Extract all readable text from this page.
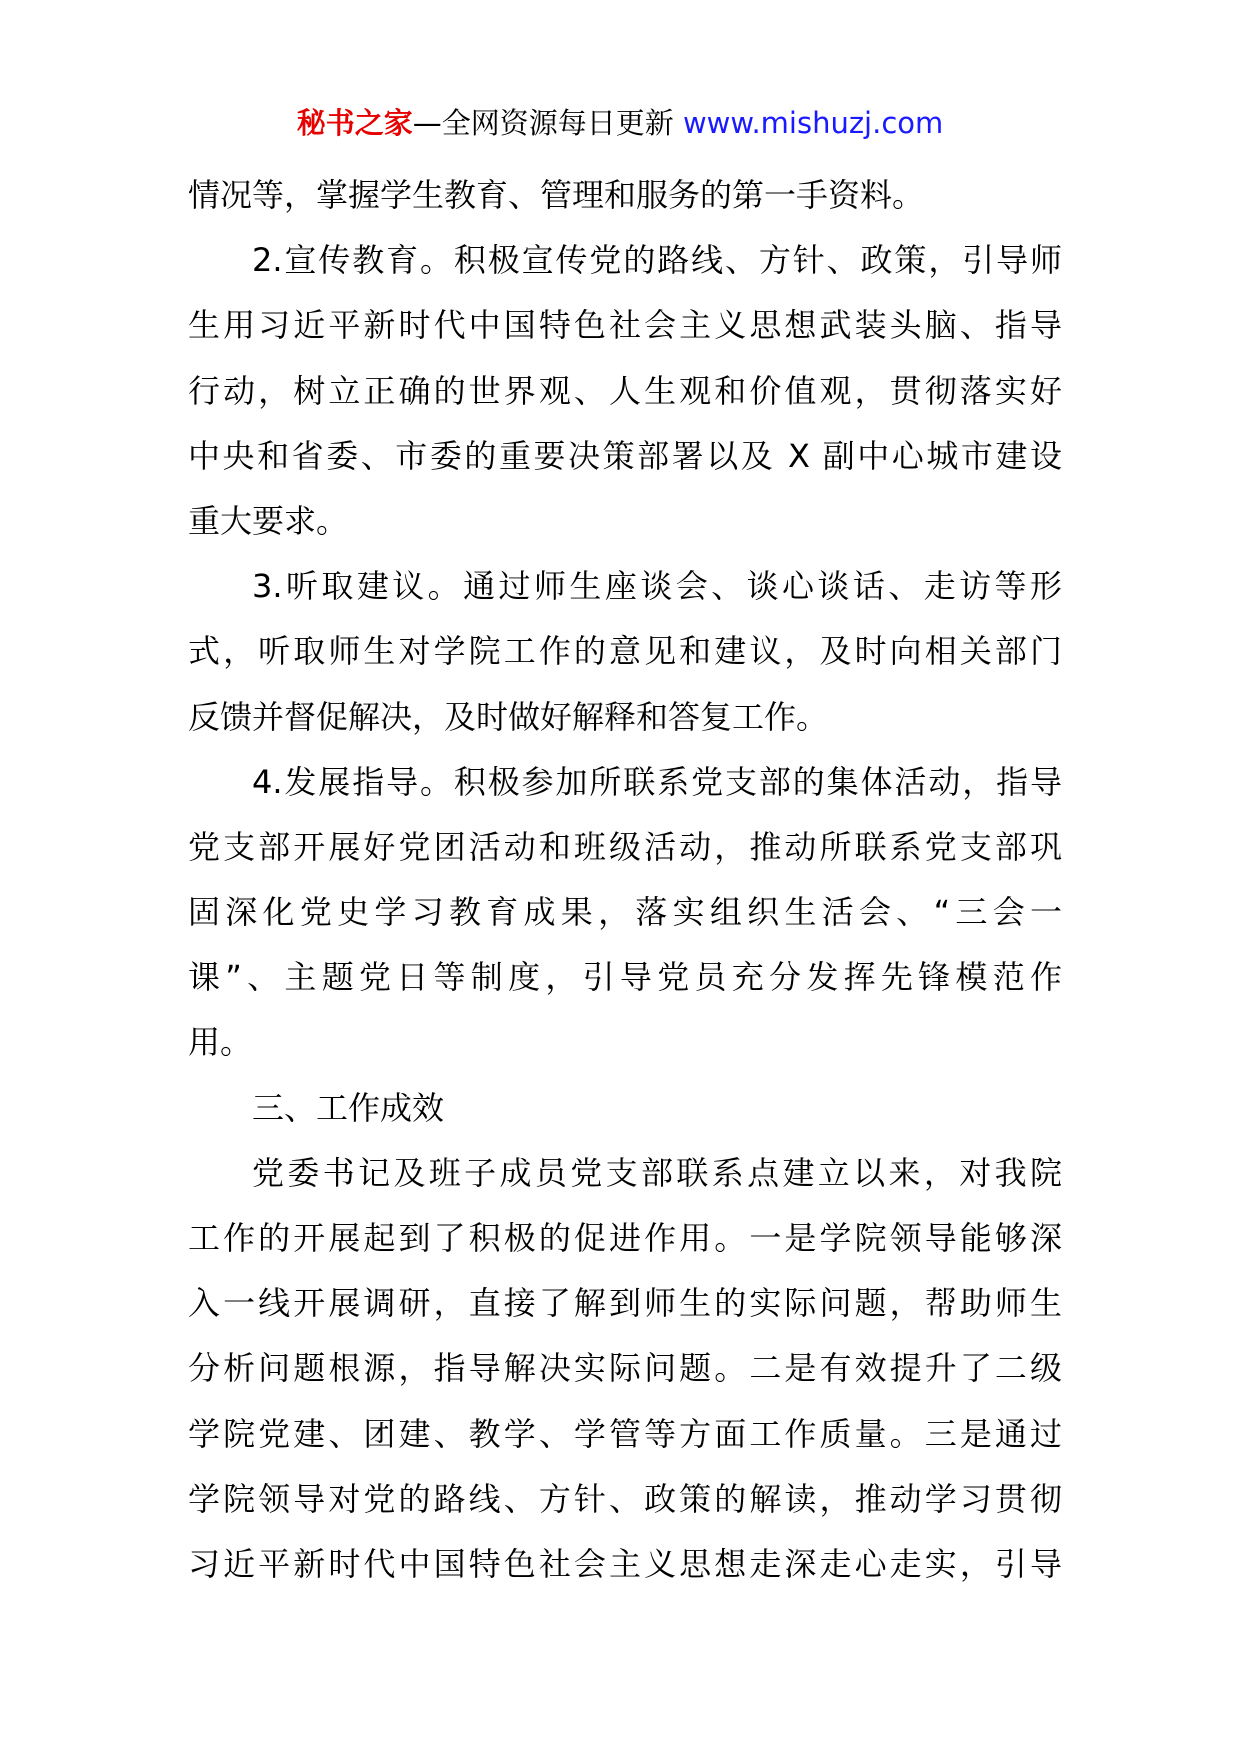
秘书之家—全网资源每日更新 www.mishuzj.com
情况等，掌握学生教育、管理和服务的第一手资料。
2.宣传教育。积极宣传党的路线、方针、政策，引导师
生用习近平新时代中国特色社会主义思想武装头脑、指导
行动，树立正确的世界观、人生观和价值观，贯彻落实好
中央和省委、市委的重要决策部署以及 X 副中心城市建设
重大要求。
3.听取建议。通过师生座谈会、谈心谈话、走访等形
式，听取师生对学院工作的意见和建议，及时向相关部门
反馈并督促解决，及时做好解释和答复工作。
4.发展指导。积极参加所联系党支部的集体活动，指导
党支部开展好党团活动和班级活动，推动所联系党支部巩
固深化党史学习教育成果，落实组织生活会、“三会一
课”、主题党日等制度，引导党员充分发挥先锋模范作
用。
三、工作成效
党委书记及班子成员党支部联系点建立以来，对我院
工作的开展起到了积极的促进作用。一是学院领导能够深
入一线开展调研，直接了解到师生的实际问题，帮助师生
分析问题根源，指导解决实际问题。二是有效提升了二级
学院党建、团建、教学、学管等方面工作质量。三是通过
学院领导对党的路线、方针、政策的解读，推动学习贯彻
习近平新时代中国特色社会主义思想走深走心走实，引导
